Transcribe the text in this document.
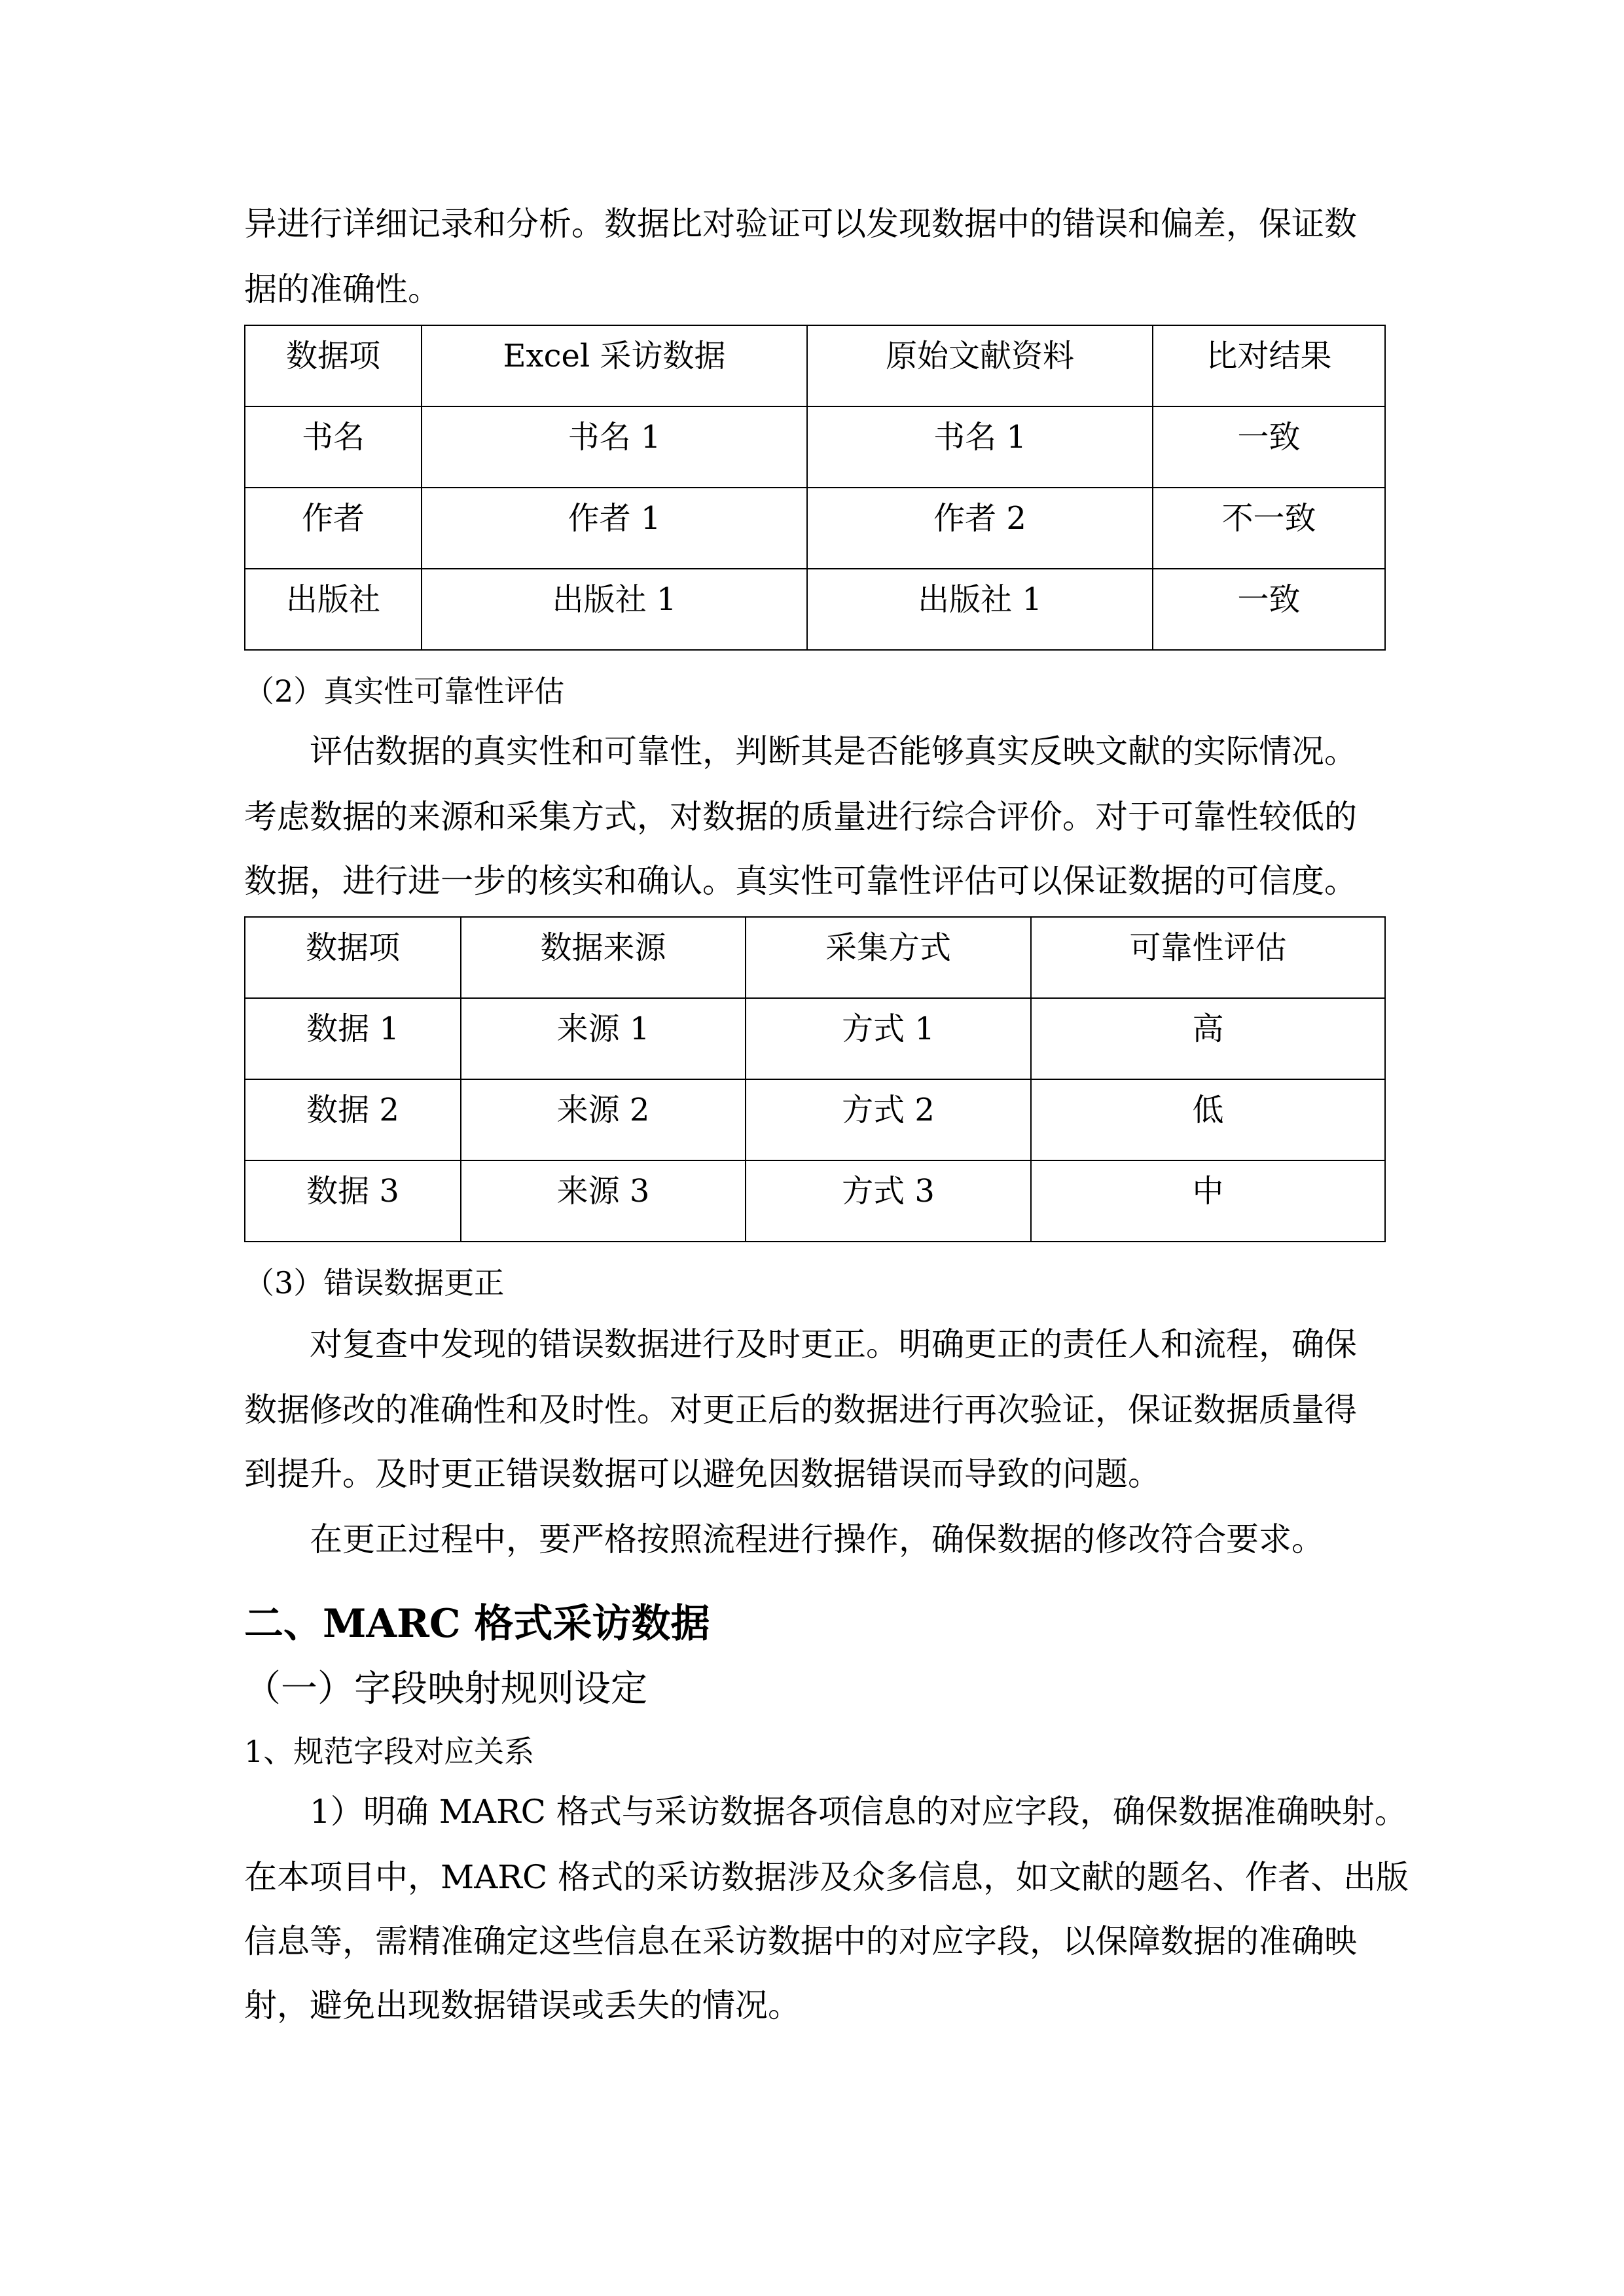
异进行详细记录和分析。数据比对验证可以发现数据中的错误和偏差，保证数
据的准确性。
数据项	Excel 采访数据	原始文献资料	比对结果
书名	书名 1	书名 1	一致
作者	作者 1	作者 2	不一致
出版社	出版社 1	出版社 1	一致
（2）真实性可靠性评估
评估数据的真实性和可靠性，判断其是否能够真实反映文献的实际情况。
考虑数据的来源和采集方式，对数据的质量进行综合评价。对于可靠性较低的
数据，进行进一步的核实和确认。真实性可靠性评估可以保证数据的可信度。
数据项	数据来源	采集方式	可靠性评估
数据 1	来源 1	方式 1	高
数据 2	来源 2	方式 2	低
数据 3	来源 3	方式 3	中
（3）错误数据更正
对复查中发现的错误数据进行及时更正。明确更正的责任人和流程，确保
数据修改的准确性和及时性。对更正后的数据进行再次验证，保证数据质量得
到提升。及时更正错误数据可以避免因数据错误而导致的问题。
在更正过程中，要严格按照流程进行操作，确保数据的修改符合要求。
二、MARC 格式采访数据
（一）字段映射规则设定
1、规范字段对应关系
1）明确 MARC 格式与采访数据各项信息的对应字段，确保数据准确映射。
在本项目中，MARC 格式的采访数据涉及众多信息，如文献的题名、作者、出版
信息等，需精准确定这些信息在采访数据中的对应字段，以保障数据的准确映
射，避免出现数据错误或丢失的情况。
